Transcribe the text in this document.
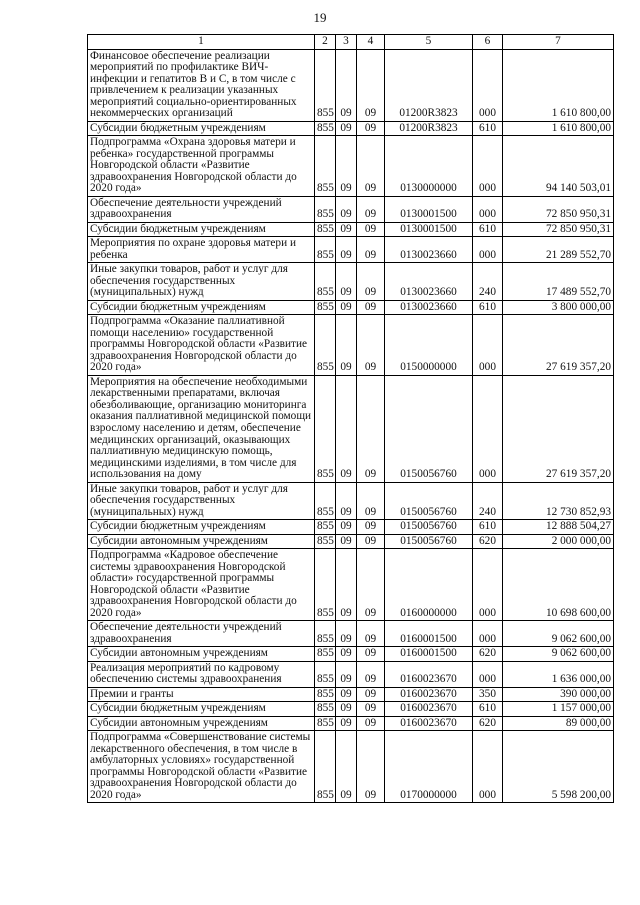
19
1	2	3	4	5	6	7
Финансовое обеспечение реализации мероприятий по профилактике ВИЧ-инфекции и гепатитов В и С, в том числе с привлечением к реализации указанных мероприятий социально-ориентированных некоммерческих организаций	855	09	09	01200R3823	000	1 610 800,00
Субсидии бюджетным учреждениям	855	09	09	01200R3823	610	1 610 800,00
Подпрограмма «Охрана здоровья матери и ребенка» государственной программы Новгородской области «Развитие здравоохранения Новгородской области до 2020 года»	855	09	09	0130000000	000	94 140 503,01
Обеспечение деятельности учреждений здравоохранения	855	09	09	0130001500	000	72 850 950,31
Субсидии бюджетным учреждениям	855	09	09	0130001500	610	72 850 950,31
Мероприятия по охране здоровья матери и ребенка	855	09	09	0130023660	000	21 289 552,70
Иные закупки товаров, работ и услуг для обеспечения государственных (муниципальных) нужд	855	09	09	0130023660	240	17 489 552,70
Субсидии бюджетным учреждениям	855	09	09	0130023660	610	3 800 000,00
Подпрограмма «Оказание паллиативной помощи населению» государственной программы Новгородской области «Развитие здравоохранения Новгородской области до 2020 года»	855	09	09	0150000000	000	27 619 357,20
Мероприятия на обеспечение необходимыми лекарственными препаратами, включая обезболивающие, организацию мониторинга оказания паллиативной медицинской помощи взрослому населению и детям, обеспечение медицинских организаций, оказывающих паллиативную медицинскую помощь, медицинскими изделиями, в том числе для использования на дому	855	09	09	0150056760	000	27 619 357,20
Иные закупки товаров, работ и услуг для обеспечения государственных (муниципальных) нужд	855	09	09	0150056760	240	12 730 852,93
Субсидии бюджетным учреждениям	855	09	09	0150056760	610	12 888 504,27
Субсидии автономным учреждениям	855	09	09	0150056760	620	2 000 000,00
Подпрограмма «Кадровое обеспечение системы здравоохранения Новгородской области» государственной программы Новгородской области «Развитие здравоохранения Новгородской области до 2020 года»	855	09	09	0160000000	000	10 698 600,00
Обеспечение деятельности учреждений здравоохранения	855	09	09	0160001500	000	9 062 600,00
Субсидии автономным учреждениям	855	09	09	0160001500	620	9 062 600,00
Реализация мероприятий по кадровому обеспечению системы здравоохранения	855	09	09	0160023670	000	1 636 000,00
Премии и гранты	855	09	09	0160023670	350	390 000,00
Субсидии бюджетным учреждениям	855	09	09	0160023670	610	1 157 000,00
Субсидии автономным учреждениям	855	09	09	0160023670	620	89 000,00
Подпрограмма «Совершенствование системы лекарственного обеспечения, в том числе в амбулаторных условиях» государственной программы Новгородской области «Развитие здравоохранения Новгородской области до 2020 года»	855	09	09	0170000000	000	5 598 200,00
